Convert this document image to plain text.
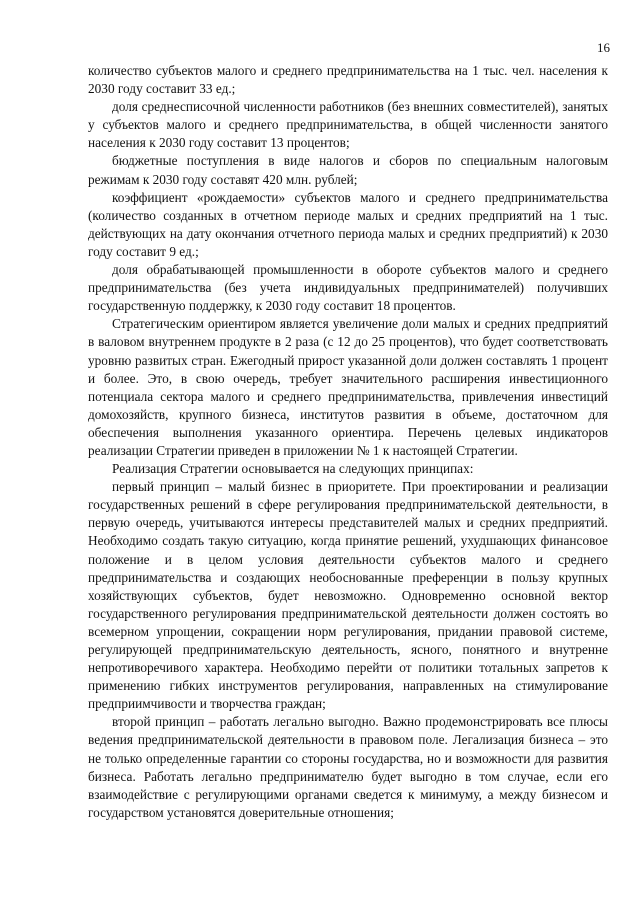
16

количество субъектов малого и среднего предпринимательства на 1 тыс. чел. населения к 2030 году составит 33 ед.;

доля среднесписочной численности работников (без внешних совместителей), занятых у субъектов малого и среднего предпринимательства, в общей численности занятого населения к 2030 году составит 13 процентов;

бюджетные поступления в виде налогов и сборов по специальным налоговым режимам к 2030 году составят 420 млн. рублей;

коэффициент «рождаемости» субъектов малого и среднего предпринимательства (количество созданных в отчетном периоде малых и средних предприятий на 1 тыс. действующих на дату окончания отчетного периода малых и средних предприятий) к 2030 году составит 9 ед.;

доля обрабатывающей промышленности в обороте субъектов малого и среднего предпринимательства (без учета индивидуальных предпринимателей) получивших государственную поддержку, к 2030 году составит 18 процентов.

Стратегическим ориентиром является увеличение доли малых и средних предприятий в валовом внутреннем продукте в 2 раза (с 12 до 25 процентов), что будет соответствовать уровню развитых стран. Ежегодный прирост указанной доли должен составлять 1 процент и более. Это, в свою очередь, требует значительного расширения инвестиционного потенциала сектора малого и среднего предпринимательства, привлечения инвестиций домохозяйств, крупного бизнеса, институтов развития в объеме, достаточном для обеспечения выполнения указанного ориентира. Перечень целевых индикаторов реализации Стратегии приведен в приложении № 1 к настоящей Стратегии.

Реализация Стратегии основывается на следующих принципах:

первый принцип – малый бизнес в приоритете. При проектировании и реализации государственных решений в сфере регулирования предпринимательской деятельности, в первую очередь, учитываются интересы представителей малых и средних предприятий. Необходимо создать такую ситуацию, когда принятие решений, ухудшающих финансовое положение и в целом условия деятельности субъектов малого и среднего предпринимательства и создающих необоснованные преференции в пользу крупных хозяйствующих субъектов, будет невозможно. Одновременно основной вектор государственного регулирования предпринимательской деятельности должен состоять во всемерном упрощении, сокращении норм регулирования, придании правовой системе, регулирующей предпринимательскую деятельность, ясного, понятного и внутренне непротиворечивого характера. Необходимо перейти от политики тотальных запретов к применению гибких инструментов регулирования, направленных на стимулирование предприимчивости и творчества граждан;

второй принцип – работать легально выгодно. Важно продемонстрировать все плюсы ведения предпринимательской деятельности в правовом поле. Легализация бизнеса – это не только определенные гарантии со стороны государства, но и возможности для развития бизнеса. Работать легально предпринимателю будет выгодно в том случае, если его взаимодействие с регулирующими органами сведется к минимуму, а между бизнесом и государством установятся доверительные отношения;
